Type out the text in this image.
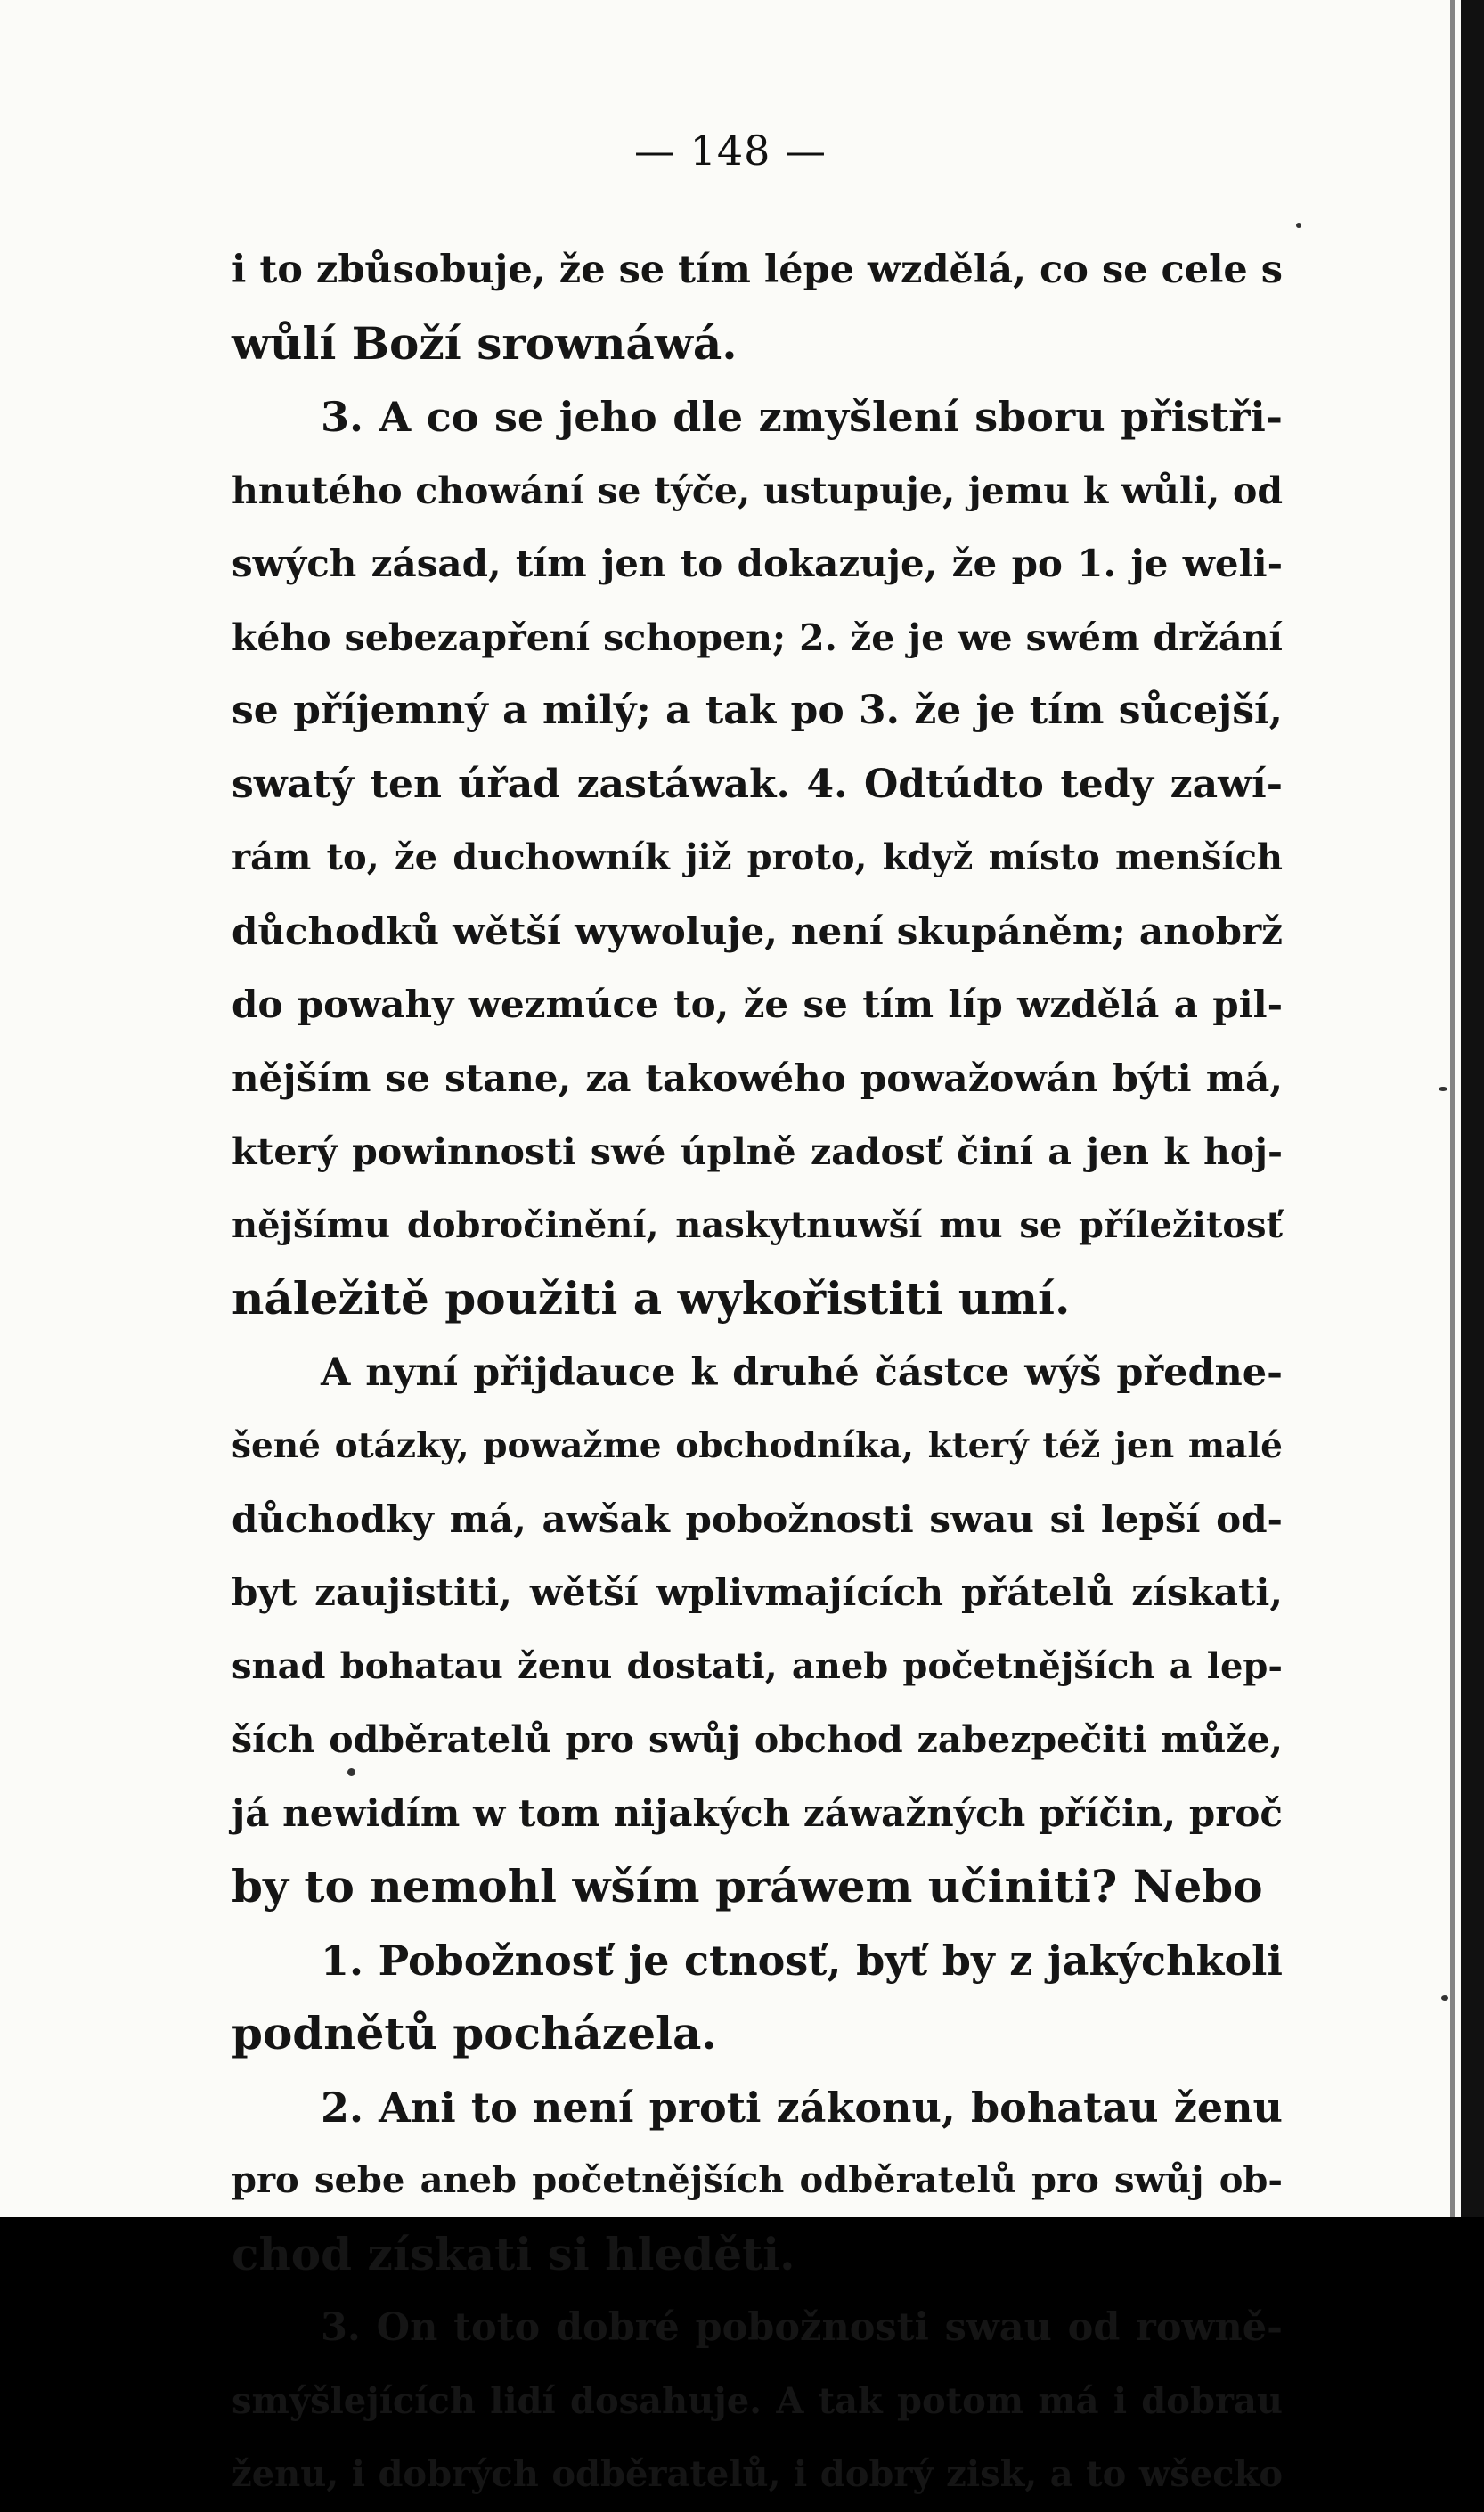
— 148 —
i to zbůsobuje, že se tím lépe wzdělá, co se cele s
wůlí Boží srownáwá.
3. A co se jeho dle zmyšlení sboru přistři-
hnutého chowání se týče, ustupuje, jemu k wůli, od
swých zásad, tím jen to dokazuje, že po 1. je weli-
kého sebezapření schopen; 2. že je we swém držání
se příjemný a milý; a tak po 3. že je tím sůcejší,
swatý ten úřad zastáwak. 4. Odtúdto tedy zawí-
rám to, že duchowník již proto, když místo menších
důchodků wětší wywoluje, není skupáněm; anobrž
do powahy wezmúce to, že se tím líp wzdělá a pil-
nějším se stane, za takowého powažowán býti má,
který powinnosti swé úplně zadosť činí a jen k hoj-
nějšímu dobročinění, naskytnuwší mu se příležitosť
náležitě použiti a wykořistiti umí.
A nyní přijdauce k druhé částce wýš předne-
šené otázky, powažme obchodníka, který též jen malé
důchodky má, awšak pobožnosti swau si lepší od-
byt zaujistiti, wětší wplivmajících přátelů získati,
snad bohatau ženu dostati, aneb početnějších a lep-
ších odběratelů pro swůj obchod zabezpečiti může,
já newidím w tom nijakých záwažných příčin, proč
by to nemohl wším práwem učiniti? Nebo
1. Pobožnosť je ctnosť, byť by z jakýchkoli
podnětů pocházela.
2. Ani to není proti zákonu, bohatau ženu
pro sebe aneb početnějších odběratelů pro swůj ob-
chod získati si hleděti.
3. On toto dobré pobožnosti swau od rowně-
smýšlejících lidí dosahuje. A tak potom má i dobrau
ženu, i dobrých odběratelů, i dobrý zisk, a to wšecko
